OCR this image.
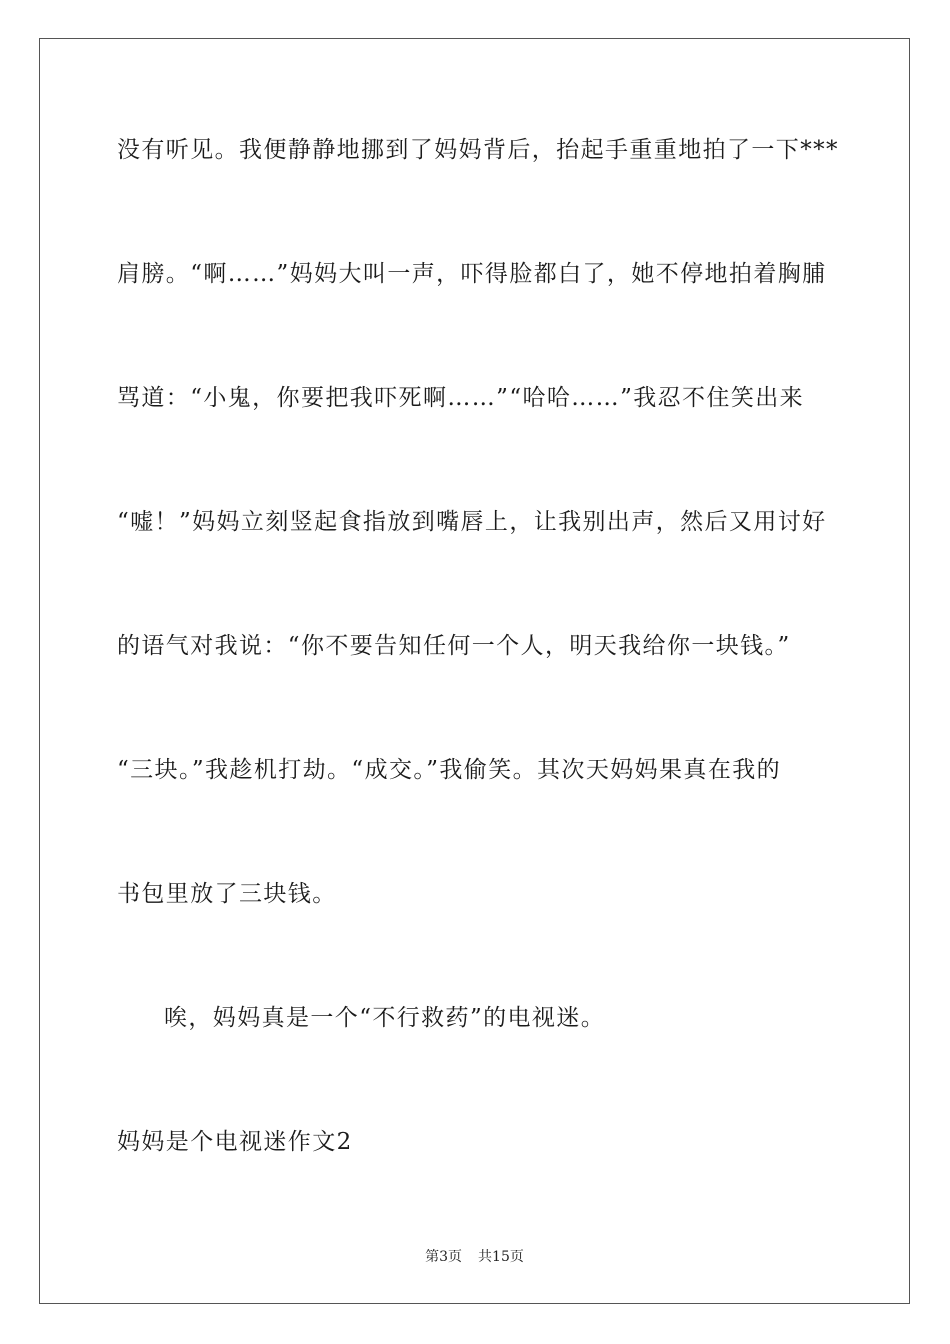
没有听见。我便静静地挪到了妈妈背后，抬起手重重地拍了一下***
肩膀。“啊……”妈妈大叫一声，吓得脸都白了，她不停地拍着胸脯
骂道：“小鬼，你要把我吓死啊……”“哈哈……”我忍不住笑出来
“嘘！”妈妈立刻竖起食指放到嘴唇上，让我别出声，然后又用讨好
的语气对我说：“你不要告知任何一个人，明天我给你一块钱。”
“三块。”我趁机打劫。“成交。”我偷笑。其次天妈妈果真在我的
书包里放了三块钱。
唉，妈妈真是一个“不行救药”的电视迷。
妈妈是个电视迷作文2
第3页 共15页
